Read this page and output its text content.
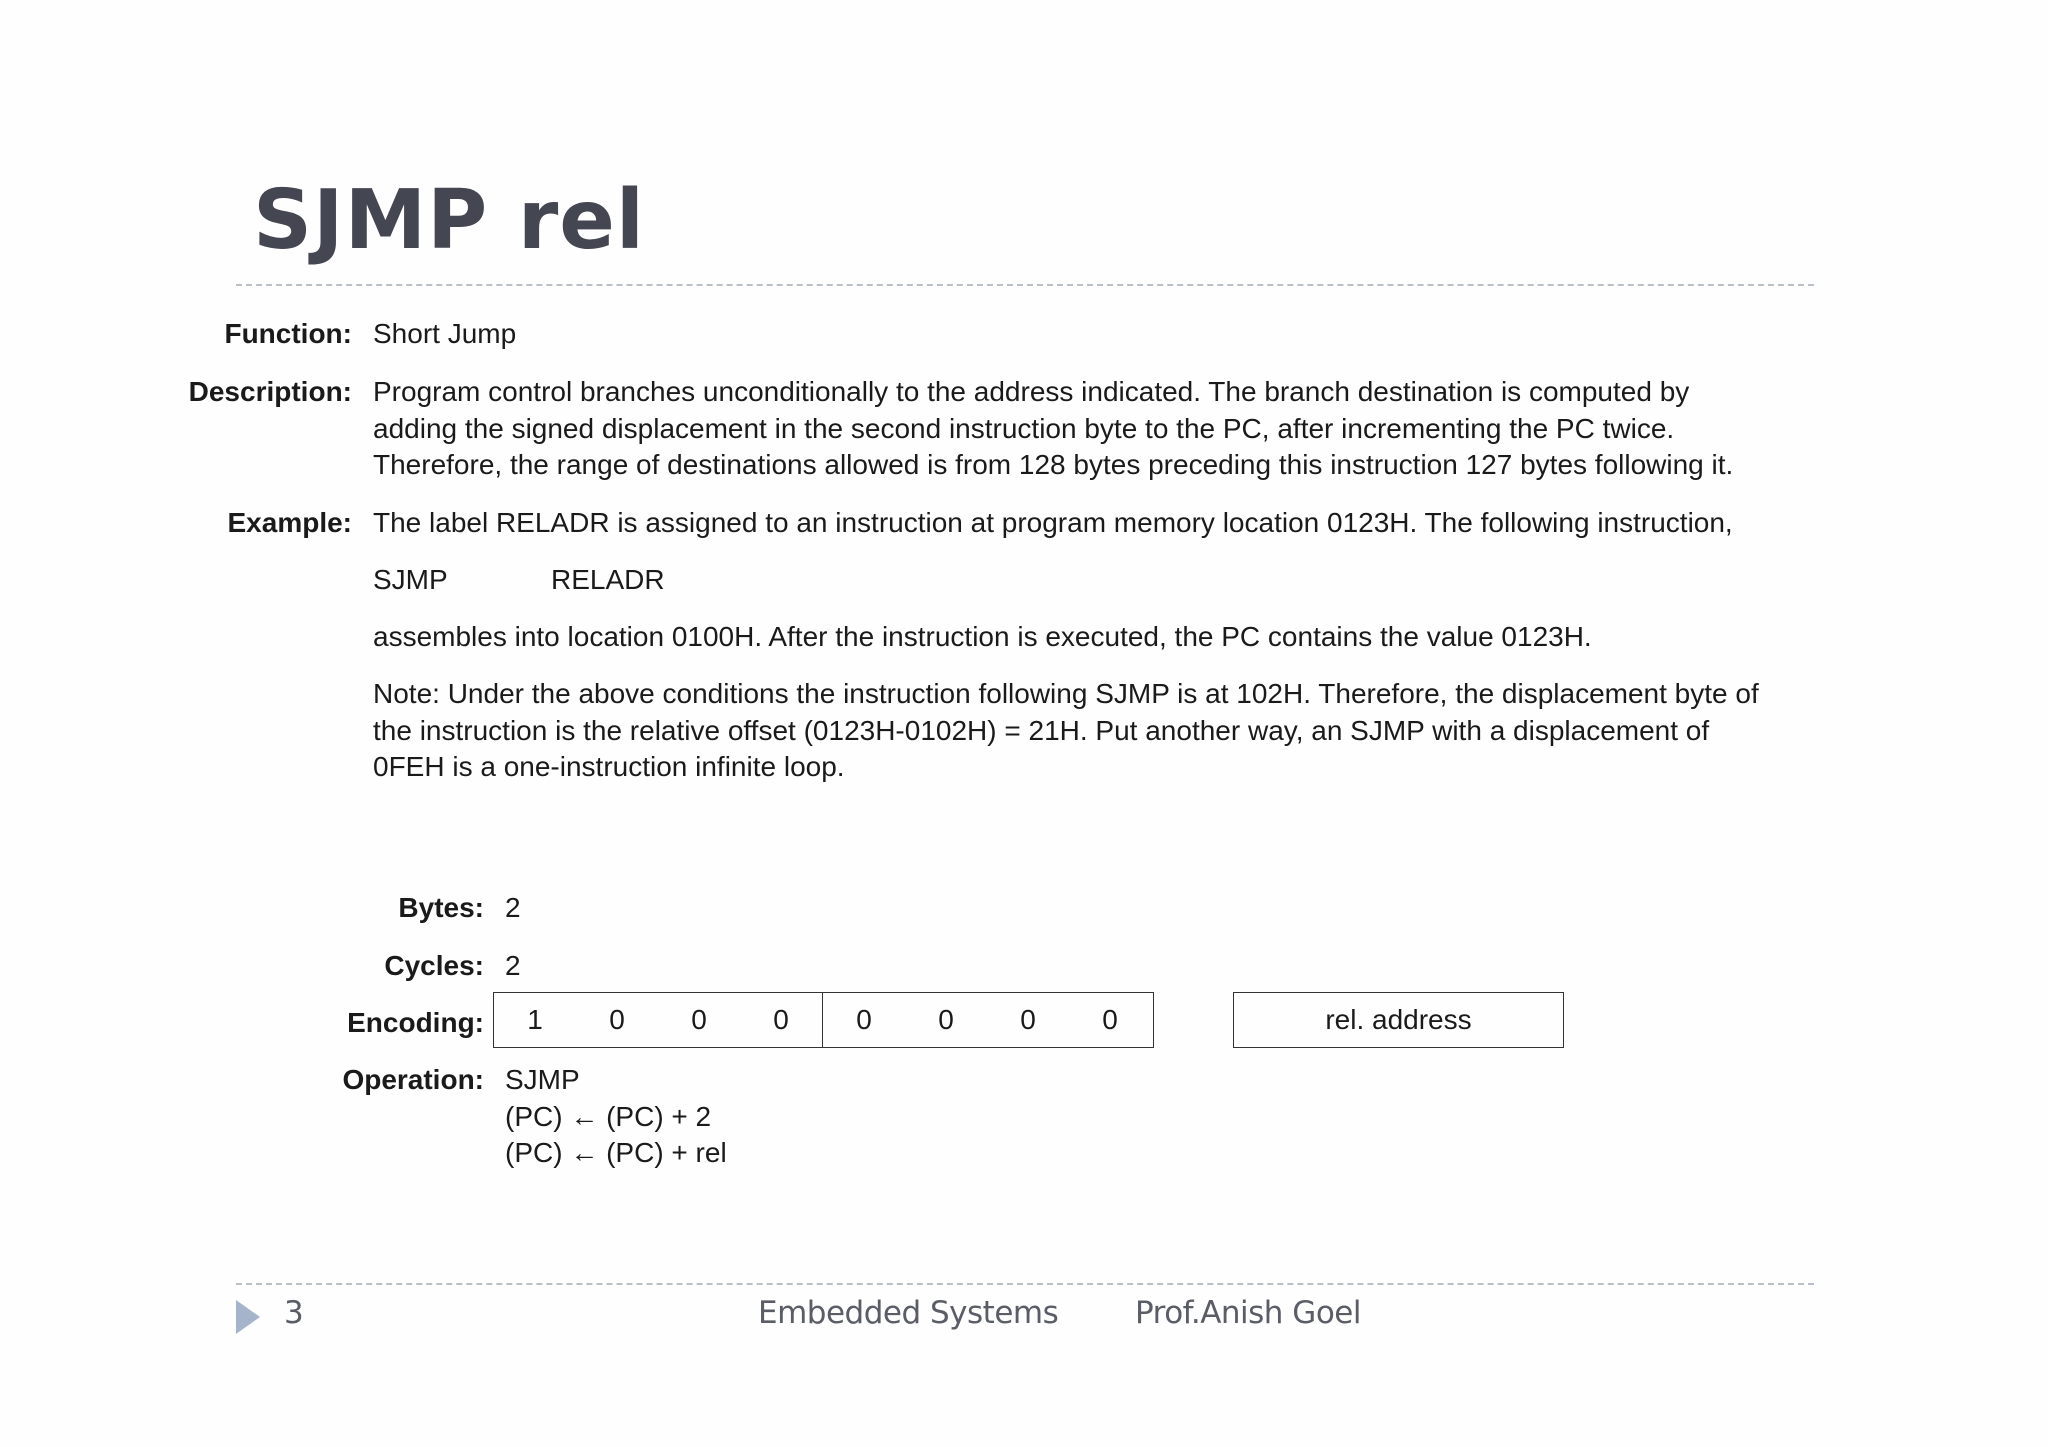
SJMP rel
Function: Short Jump
Description: Program control branches unconditionally to the address indicated. The branch destination is computed by
adding the signed displacement in the second instruction byte to the PC, after incrementing the PC twice.
Therefore, the range of destinations allowed is from 128 bytes preceding this instruction 127 bytes following it.
Example: The label RELADR is assigned to an instruction at program memory location 0123H. The following instruction,
SJMP	RELADR
assembles into location 0100H. After the instruction is executed, the PC contains the value 0123H.
Note: Under the above conditions the instruction following SJMP is at 102H. Therefore, the displacement byte of
the instruction is the relative offset (0123H-0102H) = 21H. Put another way, an SJMP with a displacement of
0FEH is a one-instruction infinite loop.
Bytes: 2
Cycles: 2
Encoding:	1	0	0	0	0	0	0	0	rel. address
Operation: SJMP
(PC) ← (PC) + 2
(PC) ← (PC) + rel
3	Embedded Systems Prof.Anish Goel
